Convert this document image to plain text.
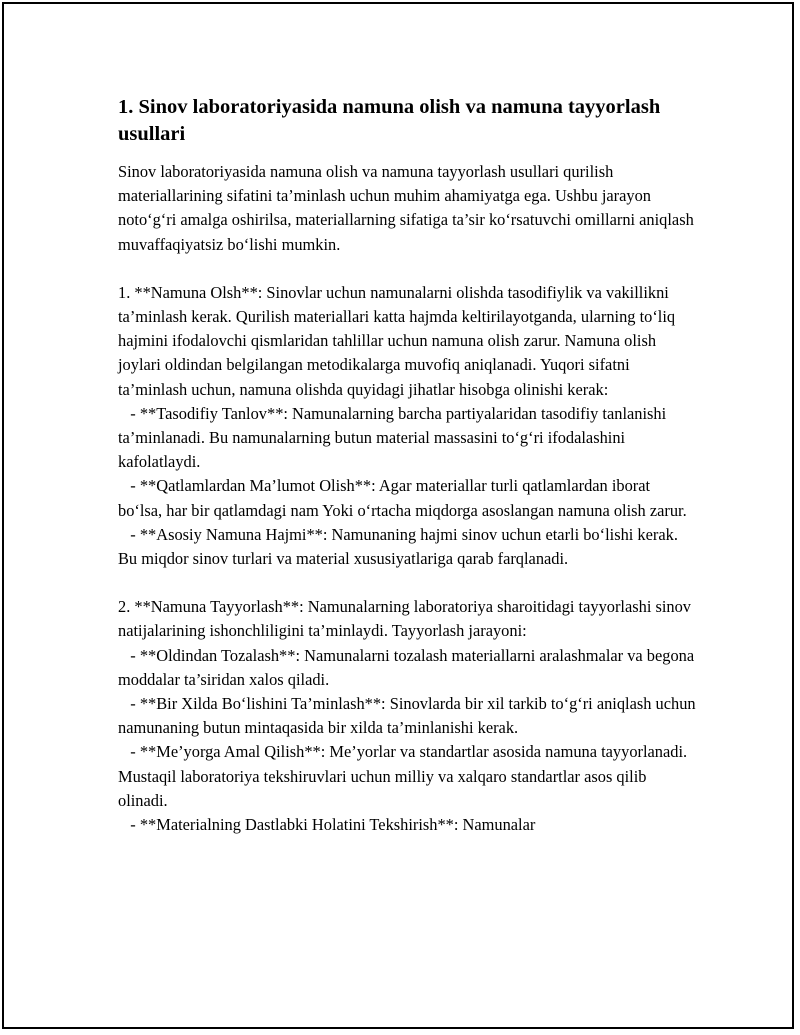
1. Sinov laboratoriyasida namuna olish va namuna tayyorlash usullari

Sinov laboratoriyasida namuna olish va namuna tayyorlash usullari qurilish materiallarining sifatini ta’minlash uchun muhim ahamiyatga ega. Ushbu jarayon noto‘g‘ri amalga oshirilsa, materiallarning sifatiga ta’sir ko‘rsatuvchi omillarni aniqlash muvaffaqiyatsiz bo‘lishi mumkin.

1. **Namuna Olsh**: Sinovlar uchun namunalarni olishda tasodifiylik va vakillikni ta’minlash kerak. Qurilish materiallari katta hajmda keltirilayotganda, ularning to‘liq hajmini ifodalovchi qismlaridan tahlillar uchun namuna olish zarur. Namuna olish joylari oldindan belgilangan metodikalarga muvofiq aniqlanadi. Yuqori sifatni ta’minlash uchun, namuna olishda quyidagi jihatlar hisobga olinishi kerak:

- **Tasodifiy Tanlov**: Namunalarning barcha partiyalaridan tasodifiy tanlanishi ta’minlanadi. Bu namunalarning butun material massasini to‘g‘ri ifodalashini kafolatlaydi.

- **Qatlamlardan Ma’lumot Olish**: Agar materiallar turli qatlamlardan iborat bo‘lsa, har bir qatlamdagi nam Yoki o‘rtacha miqdorga asoslangan namuna olish zarur.

- **Asosiy Namuna Hajmi**: Namunaning hajmi sinov uchun etarli bo‘lishi kerak. Bu miqdor sinov turlari va material xususiyatlariga qarab farqlanadi.

2. **Namuna Tayyorlash**: Namunalarning laboratoriya sharoitidagi tayyorlashi sinov natijalarining ishonchliligini ta’minlaydi. Tayyorlash jarayoni:

- **Oldindan Tozalash**: Namunalarni tozalash materiallarni aralashmalar va begona moddalar ta’siridan xalos qiladi.

- **Bir Xilda Bo‘lishini Ta’minlash**: Sinovlarda bir xil tarkib to‘g‘ri aniqlash uchun namunaning butun mintaqasida bir xilda ta’minlanishi kerak.

- **Me’yorga Amal Qilish**: Me’yorlar va standartlar asosida namuna tayyorlanadi. Mustaqil laboratoriya tekshiruvlari uchun milliy va xalqaro standartlar asos qilib olinadi.

- **Materialning Dastlabki Holatini Tekshirish**: Namunalar
